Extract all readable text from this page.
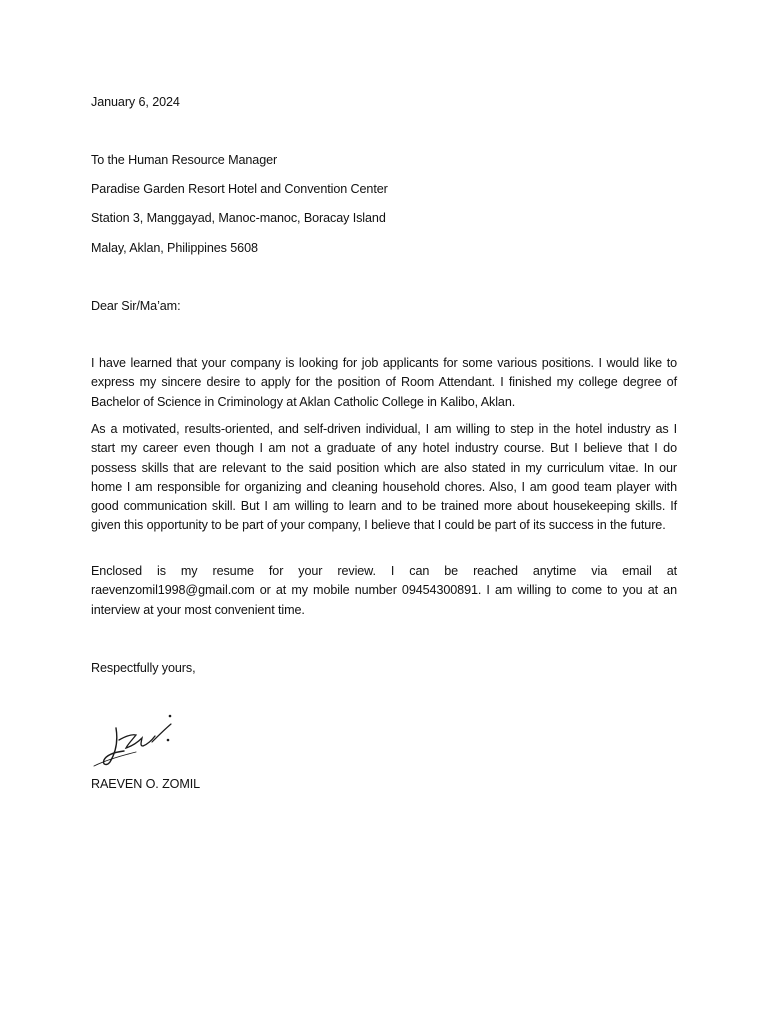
January 6, 2024
To the Human Resource Manager
Paradise Garden Resort Hotel and Convention Center
Station 3, Manggayad, Manoc-manoc, Boracay Island
Malay, Aklan, Philippines 5608
Dear Sir/Ma’am:
I have learned that your company is looking for job applicants for some various positions. I would like to express my sincere desire to apply for the position of Room Attendant. I finished my college degree of Bachelor of Science in Criminology at Aklan Catholic College in Kalibo, Aklan.
As a motivated, results-oriented, and self-driven individual, I am willing to step in the hotel industry as I start my career even though I am not a graduate of any hotel industry course. But I believe that I do possess skills that are relevant to the said position which are also stated in my curriculum vitae. In our home I am responsible for organizing and cleaning household chores. Also, I am good team player with good communication skill. But I am willing to learn and to be trained more about housekeeping skills. If given this opportunity to be part of your company, I believe that I could be part of its success in the future.
Enclosed is my resume for your review. I can be reached anytime via email at raevenzomil1998@gmail.com or at my mobile number 09454300891. I am willing to come to you at an interview at your most convenient time.
Respectfully yours,
RAEVEN O. ZOMIL
